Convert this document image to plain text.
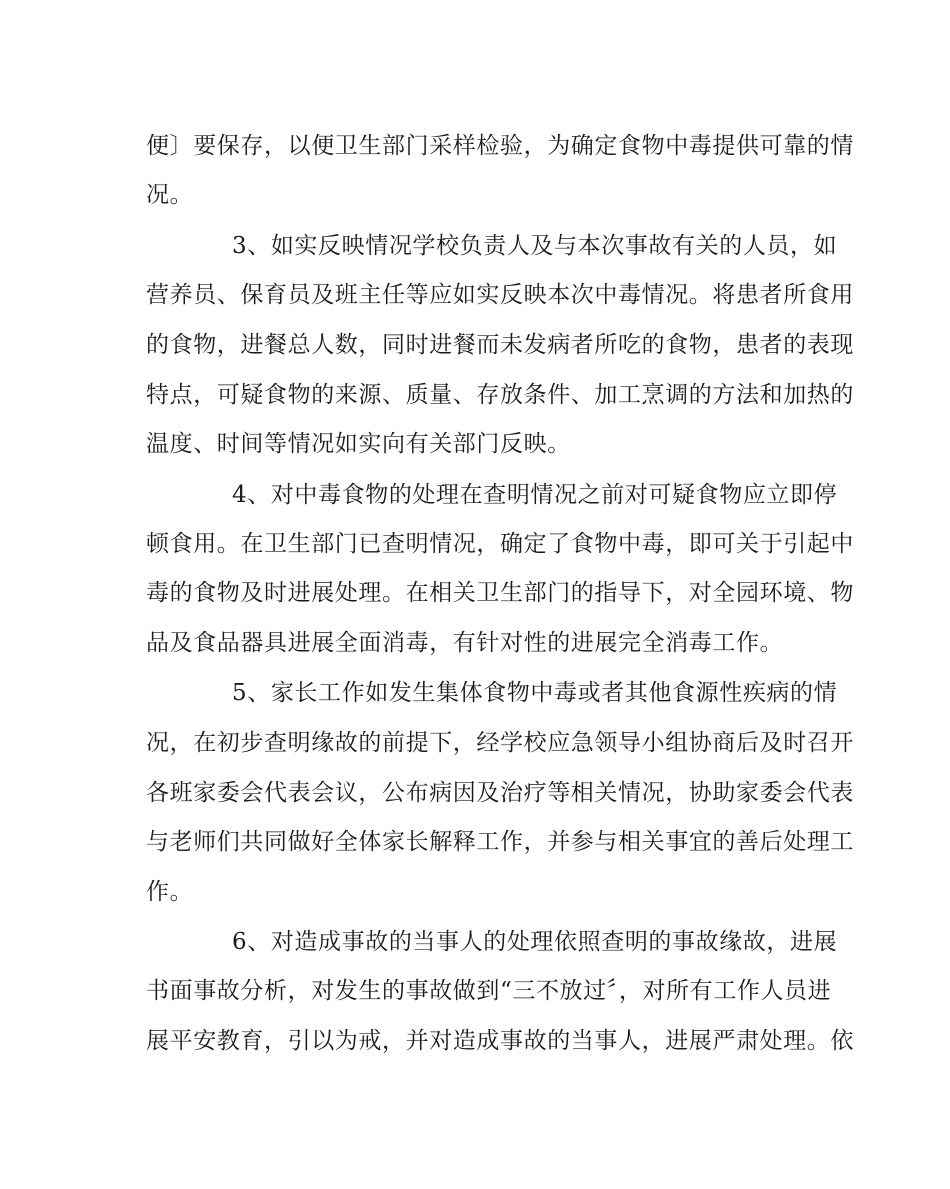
便〕要保存，以便卫生部门采样检验，为确定食物中毒提供可靠的情
况。
3、如实反映情况学校负责人及与本次事故有关的人员，如
营养员、保育员及班主任等应如实反映本次中毒情况。将患者所食用
的食物，进餐总人数，同时进餐而未发病者所吃的食物，患者的表现
特点，可疑食物的来源、质量、存放条件、加工烹调的方法和加热的
温度、时间等情况如实向有关部门反映。
4、对中毒食物的处理在查明情况之前对可疑食物应立即停
顿食用。在卫生部门已查明情况，确定了食物中毒，即可关于引起中
毒的食物及时进展处理。在相关卫生部门的指导下，对全园环境、物
品及食品器具进展全面消毒，有针对性的进展完全消毒工作。
5、家长工作如发生集体食物中毒或者其他食源性疾病的情
况，在初步查明缘故的前提下，经学校应急领导小组协商后及时召开
各班家委会代表会议，公布病因及治疗等相关情况，协助家委会代表
与老师们共同做好全体家长解释工作，并参与相关事宜的善后处理工
作。
6、对造成事故的当事人的处理依照查明的事故缘故，进展
书面事故分析，对发生的事故做到“三不放过〞，对所有工作人员进
展平安教育，引以为戒，并对造成事故的当事人，进展严肃处理。依
